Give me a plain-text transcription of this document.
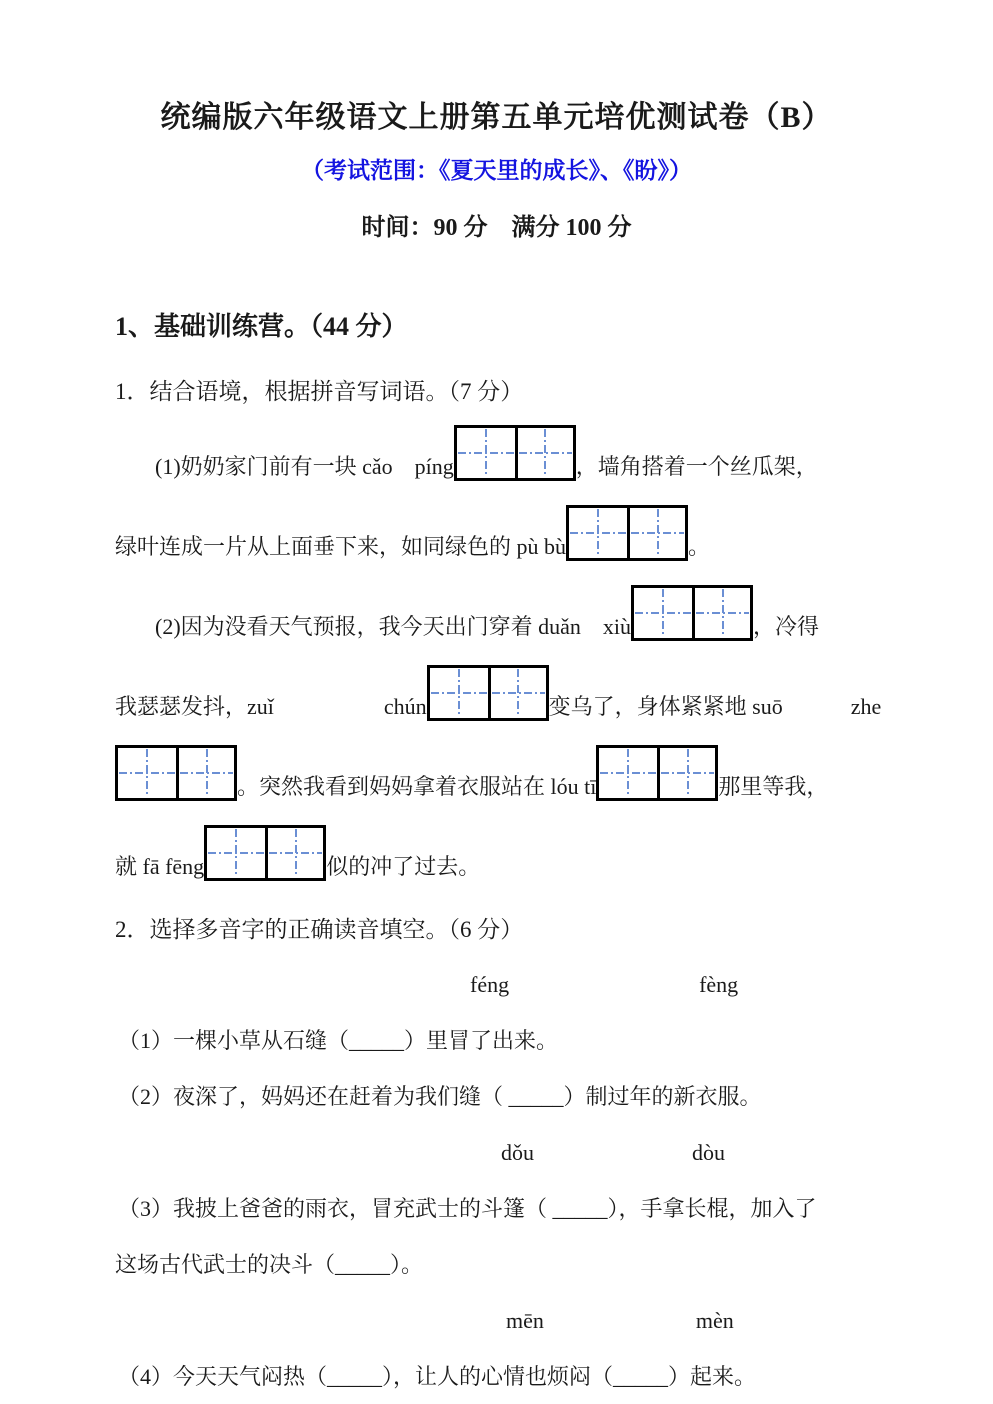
统编版六年级语文上册第五单元培优测试卷（B）
（考试范围：《夏天里的成长》、《盼》）
时间：90 分　满分 100 分
1、基础训练营。（44 分）
1．结合语境，根据拼音写词语。（7 分）
(1)奶奶家门前有一块 cǎo　píng	，墙角搭着一个丝瓜架，
绿叶连成一片从上面垂下来，如同绿色的 pù bù	。
(2)因为没看天气预报，我今天出门穿着 duǎn　xiù	，冷得
我瑟瑟发抖，zuǐ	chún	变乌了，身体紧紧地 suō	zhe
。突然我看到妈妈拿着衣服站在 lóu tī	那里等我，
就 fā fēng	似的冲了过去。
2．选择多音字的正确读音填空。（6 分）
féng	fèng
（1）一棵小草从石缝（_____）里冒了出来。
（2）夜深了，妈妈还在赶着为我们缝（ _____）制过年的新衣服。
dǒu	dòu
（3）我披上爸爸的雨衣，冒充武士的斗篷（ _____），手拿长棍，加入了
这场古代武士的决斗（_____）。
mēn	mèn
（4）今天天气闷热（_____），让人的心情也烦闷（_____）起来。
